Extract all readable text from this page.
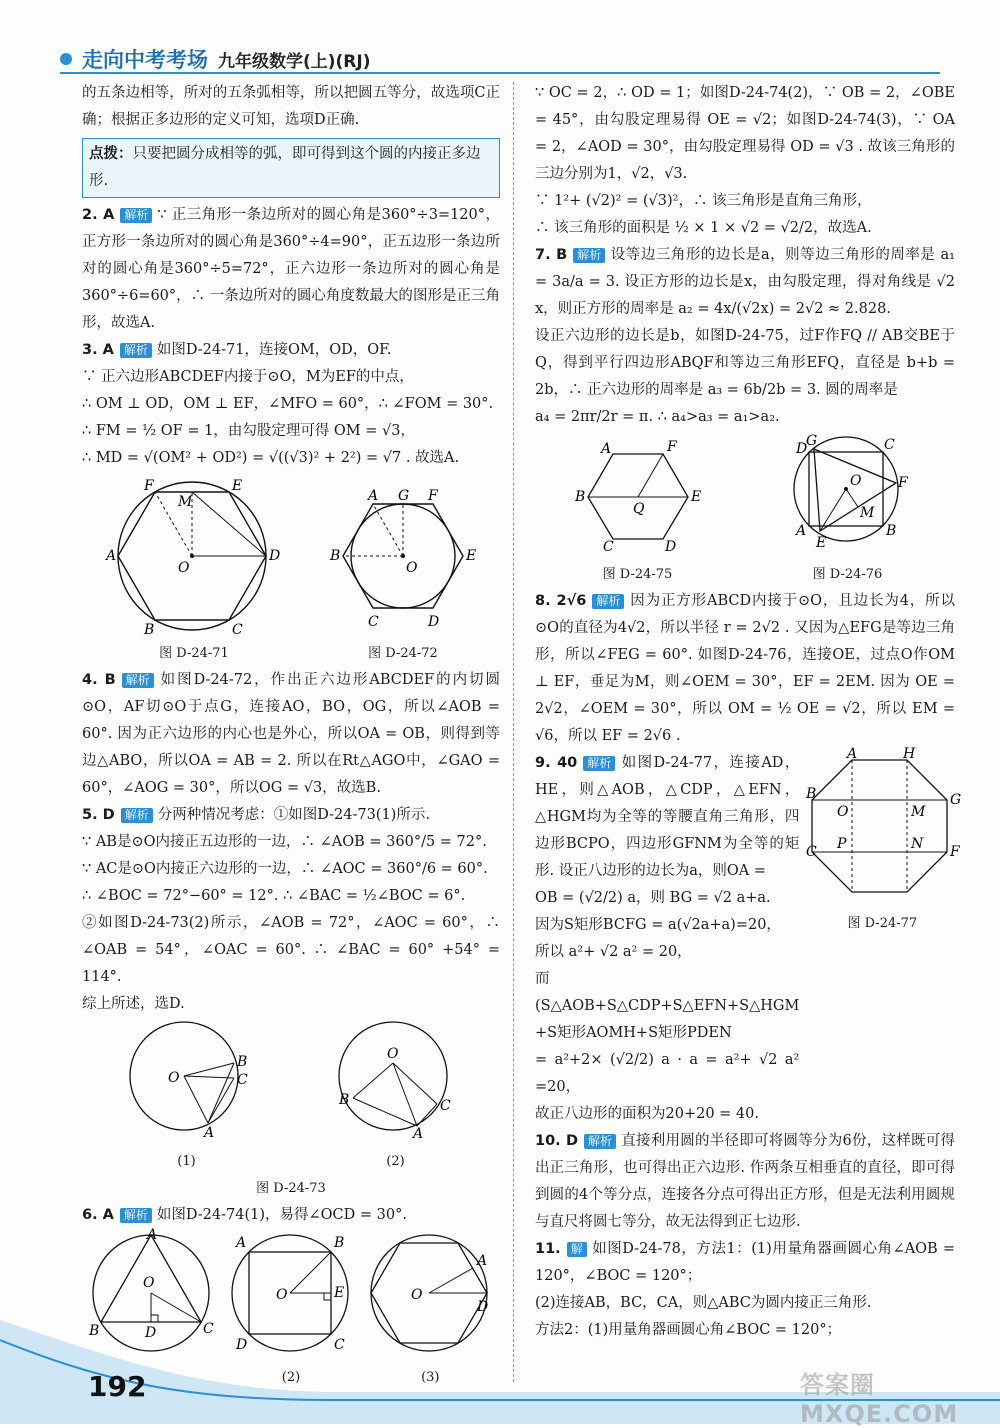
走向中考考场 九年级数学(上)(RJ)

的五条边相等，所对的五条弧相等，所以把圆五等分，故选项C正确；根据正多边形的定义可知，选项D正确.

点拨：只要把圆分成相等的弧，即可得到这个圆的内接正多边形.

2. A 解析 ∵ 正三角形一条边所对的圆心角是360°÷3=120°，正方形一条边所对的圆心角是360°÷4=90°，正五边形一条边所对的圆心角是360°÷5=72°，正六边形一条边所对的圆心角是360°÷6=60°，∴ 一条边所对的圆心角度数最大的图形是正三角形，故选A.

3. A 解析 如图D-24-71，连接OM，OD，OF.

∵ 正六边形ABCDEF内接于⊙O，M为EF的中点，

∴ OM ⊥ OD，OM ⊥ EF，∠MFO = 60°，∴ ∠FOM = 30°.

∴ FM = ½ OF = 1，由勾股定理可得 OM = √3，

∴ MD = √(OM² + OD²) = √((√3)² + 2²) = √7 . 故选A.

F	E
M
A	D
O
B	C
图 D-24-71
A G F
B	E
O
C	D
图 D-24-72

4. B 解析 如图D-24-72，作出正六边形ABCDEF的内切圆⊙O，AF切⊙O于点G，连接AO，BO，OG，所以∠AOB = 60°. 因为正六边形的内心也是外心，所以OA = OB，则得到等边△ABO，所以OA = AB = 2. 所以在Rt△AGO中，∠GAO = 60°，∠AOG = 30°，所以OG = √3，故选B.

5. D 解析 分两种情况考虑：①如图D-24-73(1)所示.

∵ AB是⊙O内接正五边形的一边，∴ ∠AOB = 360°/5 = 72°.

∵ AC是⊙O内接正六边形的一边，∴ ∠AOC = 360°/6 = 60°.

∴ ∠BOC = 72°−60° = 12°. ∴ ∠BAC = ½∠BOC = 6°.

②如图D-24-73(2)所示，∠AOB = 72°，∠AOC = 60°，∴ ∠OAB = 54°，∠OAC = 60°. ∴ ∠BAC = 60° +54° = 114°.

综上所述，选D.

O
B
C
A
(1)
O
B	C
A
(2)
图 D-24-73

6. A 解析 如图D-24-74(1)，易得∠OCD = 30°.

A
O
D
B	C
A	B
O	E
D	C
(2)
O
A
D
(3)

∵ OC = 2，∴ OD = 1；如图D-24-74(2)，∵ OB = 2，∠OBE = 45°，由勾股定理易得 OE = √2；如图D-24-74(3)，∵ OA = 2，∠AOD = 30°，由勾股定理易得 OD = √3 . 故该三角形的三边分别为1，√2，√3.

∵ 1²+ (√2)² = (√3)²，∴ 该三角形是直角三角形，

∴ 该三角形的面积是 ½ × 1 × √2 = √2/2，故选A.

7. B 解析 设等边三角形的边长是a，则等边三角形的周率是 a₁ = 3a/a = 3. 设正方形的边长是x，由勾股定理，得对角线是 √2 x，则正方形的周率是 a₂ = 4x/(√2x) = 2√2 ≈ 2.828.

设正六边形的边长是b，如图D-24-75，过F作FQ // AB交BE于Q，得到平行四边形ABQF和等边三角形EFQ，直径是 b+b = 2b，∴ 正六边形的周率是 a₃ = 6b/2b = 3. 圆的周率是

a₄ = 2πr/2r = π. ∴ a₄>a₃ = a₁>a₂.

A	F
B	E
Q
C	D
图 D-24-75
G
D	C
F
O
M
A
E
B
图 D-24-76

8. 2√6 解析 因为正方形ABCD内接于⊙O，且边长为4，所以⊙O的直径为4√2，所以半径 r = 2√2 . 又因为△EFG是等边三角形，所以∠FEG = 60°. 如图D-24-76，连接OE，过点O作OM ⊥ EF，垂足为M，则∠OEM = 30°，EF = 2EM. 因为 OE = 2√2，∠OEM = 30°，所以 OM = ½ OE = √2，所以 EM = √6，所以 EF = 2√6 .

9. 40 解析 如图D-24-77，连接AD，HE，则△AOB，△CDP，△EFN，△HGM均为全等的等腰直角三角形，四边形BCPO，四边形GFNM为全等的矩形. 设正八边形的边长为a，则OA =

OB = (√2/2) a，则 BG = √2 a+a.

因为S矩形BCFG = a(√2a+a)=20，

所以 a²+ √2 a² = 20，

而(S△AOB+S△CDP+S△EFN+S△HGM +S矩形AOMH+S矩形PDEN

= a²+2× (√2/2) a · a = a²+ √2 a² =20，

故正八边形的面积为20+20 = 40.

A	H
B	G
O	M
P	N
C	F
图 D-24-77

10. D 解析 直接利用圆的半径即可将圆等分为6份，这样既可得出正三角形，也可得出正六边形. 作两条互相垂直的直径，即可得到圆的4个等分点，连接各分点可得出正方形，但是无法利用圆规与直尺将圆七等分，故无法得到正七边形.

11. 解 如图D-24-78，方法1：(1)用量角器画圆心角∠AOB = 120°，∠BOC = 120°；

(2)连接AB，BC，CA，则△ABC为圆内接正三角形.

方法2：(1)用量角器画圆心角∠BOC = 120°；

192	答案圈 MXQE.COM
